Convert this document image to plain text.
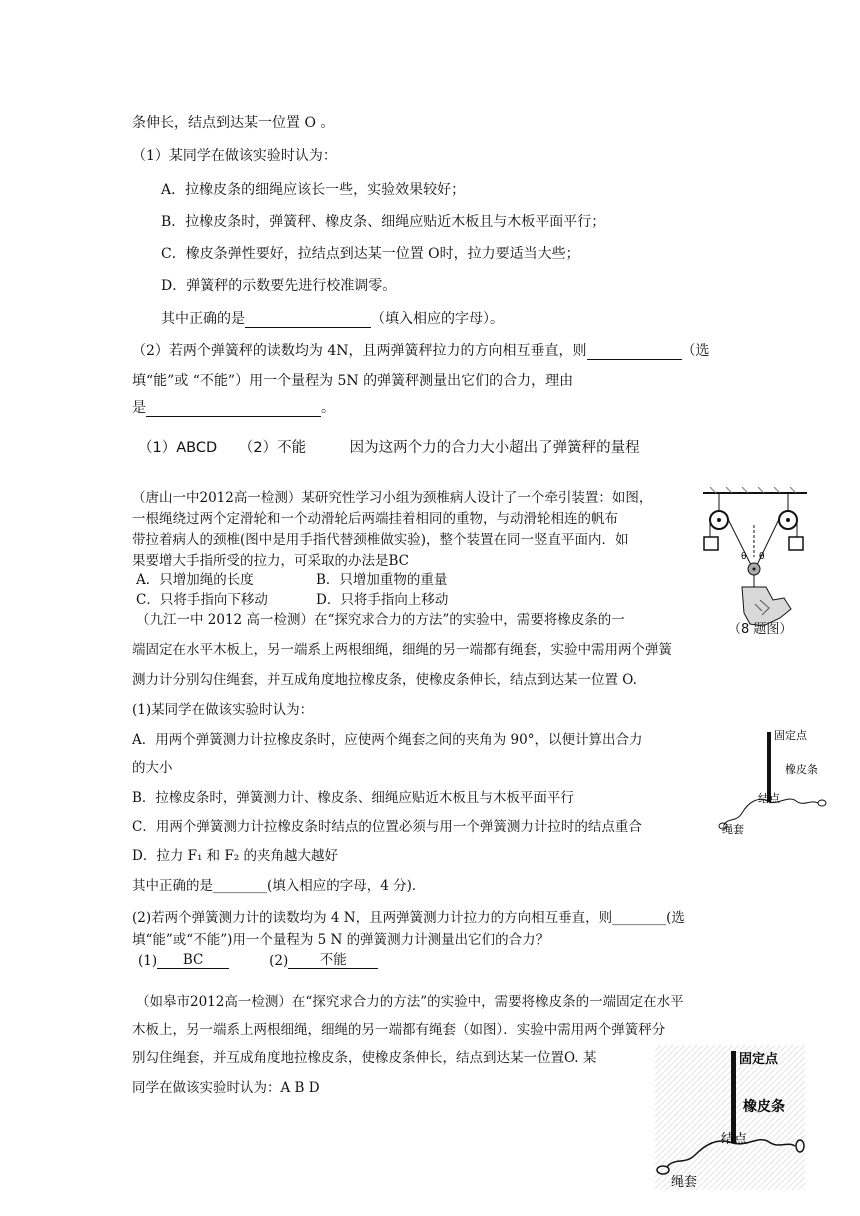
条伸长，结点到达某一位置 O 。
（1）某同学在做该实验时认为：
A．拉橡皮条的细绳应该长一些，实验效果较好；
B．拉橡皮条时，弹簧秤、橡皮条、细绳应贴近木板且与木板平面平行；
C．橡皮条弹性要好，拉结点到达某一位置 O时，拉力要适当大些；
D．弹簧秤的示数要先进行校准调零。
其中正确的是	（填入相应的字母）。
（2）若两个弹簧秤的读数均为 4N，且两弹簧秤拉力的方向相互垂直，则	（选
填“能”或 “不能”）用一个量程为 5N 的弹簧秤测量出它们的合力，理由
是	。
（1）ABCD　　（2）不能　　　因为这两个力的合力大小超出了弹簧秤的量程
（唐山一中2012高一检测）某研究性学习小组为颈椎病人设计了一个牵引装置：如图，
一根绳绕过两个定滑轮和一个动滑轮后两端挂着相同的重物，与动滑轮相连的帆布
带拉着病人的颈椎(图中是用手指代替颈椎做实验)，整个装置在同一竖直平面内．如
果要增大手指所受的拉力，可采取的办法是BC
A．只增加绳的长度	B．只增加重物的重量
C．只将手指向下移动	D．只将手指向上移动
θ θ
（8 题图）
（九江一中 2012 高一检测）在“探究求合力的方法”的实验中，需要将橡皮条的一
端固定在水平木板上，另一端系上两根细绳，细绳的另一端都有绳套，实验中需用两个弹簧
测力计分别勾住绳套，并互成角度地拉橡皮条，使橡皮条伸长，结点到达某一位置 O.
(1)某同学在做该实验时认为：
A．用两个弹簧测力计拉橡皮条时，应使两个绳套之间的夹角为 90°，以便计算出合力
的大小
B．拉橡皮条时，弹簧测力计、橡皮条、细绳应贴近木板且与木板平面平行
C．用两个弹簧测力计拉橡皮条时结点的位置必须与用一个弹簧测力计拉时的结点重合
D．拉力 F₁ 和 F₂ 的夹角越大越好
其中正确的是________(填入相应的字母，4 分)．
(2)若两个弹簧测力计的读数均为 4 N，且两弹簧测力计拉力的方向相互垂直，则________(选
填“能”或“不能”)用一个量程为 5 N 的弹簧测力计测量出它们的合力？
(1) BC	(2) 不能
固定点
橡皮条
结点
绳套
（如皋市2012高一检测）在“探究求合力的方法”的实验中，需要将橡皮条的一端固定在水平
木板上，另一端系上两根细绳，细绳的另一端都有绳套（如图）．实验中需用两个弹簧秤分
别勾住绳套，并互成角度地拉橡皮条，使橡皮条伸长，结点到达某一位置O. 某
同学在做该实验时认为：A B D
固定点
橡皮条
结点
绳套
